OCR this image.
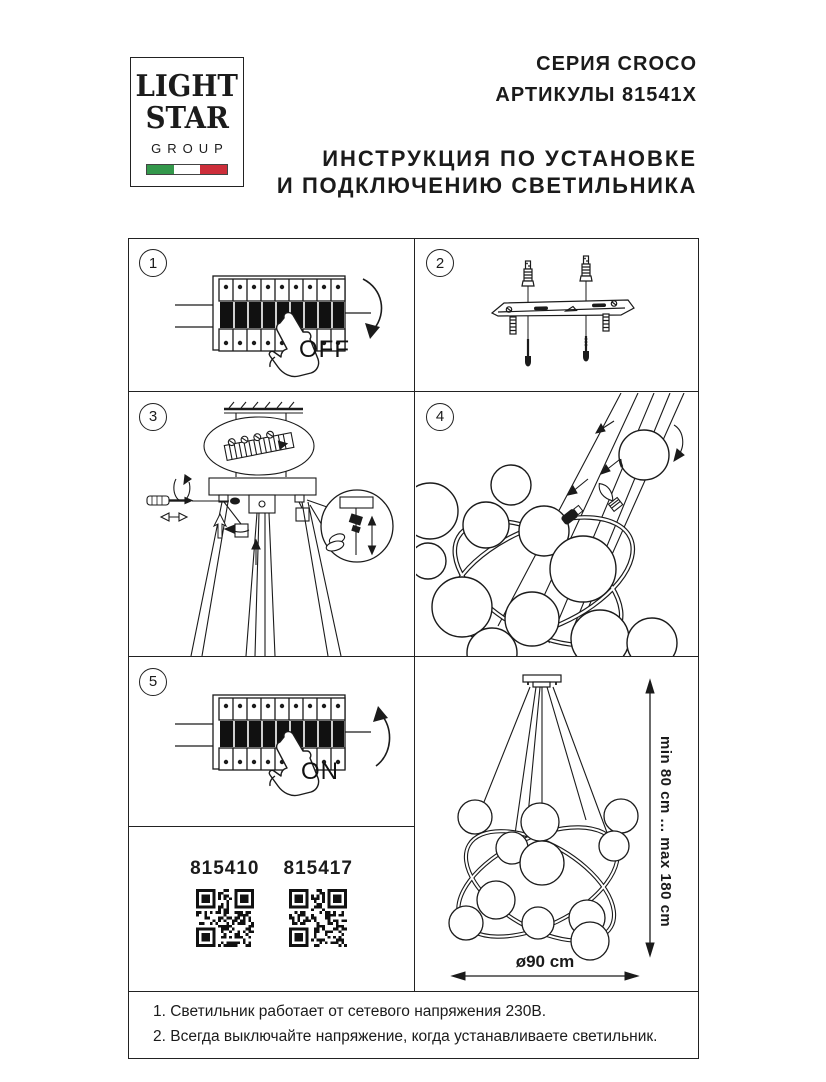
LIGHT
STAR
GROUP
СЕРИЯ CROCO
АРТИКУЛЫ 81541X
ИНСТРУКЦИЯ ПО УСТАНОВКЕ
И ПОДКЛЮЧЕНИЮ СВЕТИЛЬНИКА
1
OFF
2
3	4
5
ON
815410 815417	min 80 cm ... max 180 cm
ø90 cm
1. Светильник работает от сетевого напряжения 230В.
2. Всегда выключайте напряжение, когда устанавливаете светильник.
